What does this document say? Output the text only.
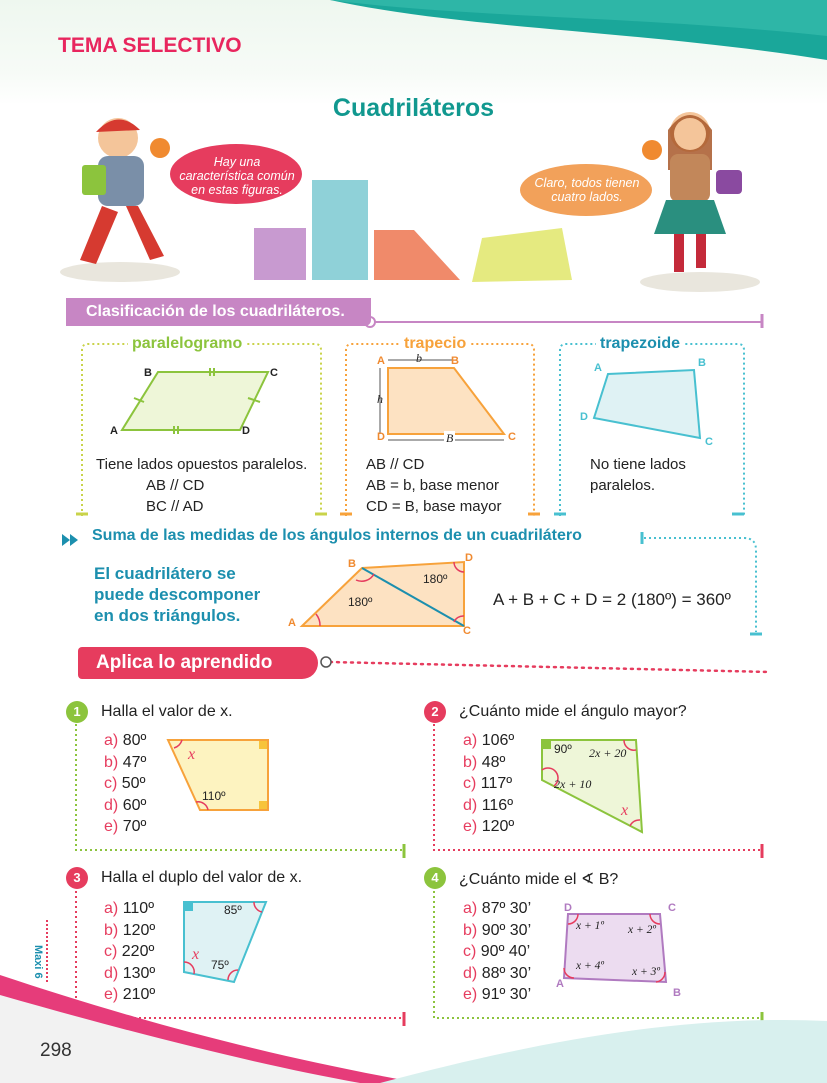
TEMA SELECTIVO
Cuadriláteros
Hay una característica común en estas figuras.	Claro, todos tienen cuatro lados.
Clasificación de los cuadriláteros.
paralelogramo	trapecio	trapezoide
A
B	C
D
Tiene lados opuestos paralelos.
AB // CD
BC // AD
A	B
C
D
b
h
B
AB // CD
AB = b, base menor
CD = B, base mayor
A	B
C
D
No tiene lados
paralelos.
Suma de las medidas de los ángulos internos de un cuadrilátero
El cuadrilátero se
puede descomponer
en dos triángulos.	A
B
C
D
180º
180º	A + B + C + D = 2 (180º) = 360º
Aplica lo aprendido
1	Halla el valor de x.
a) 80º
b) 47º
c) 50º
d) 60º
e) 70º
x
110º
2	¿Cuánto mide el ángulo mayor?
a) 106º
b) 48º
c) 117º
d) 116º
e) 120º
90º 2x + 20
2x + 10
x
3	Halla el duplo del valor de x.
a) 110º
b) 120º
c) 220º
d) 130º
e) 210º
85º
x
75º
4	¿Cuánto mide el ∢ B?
a) 87º 30’
b) 90º 30’
c) 90º 40’
d) 88º 30’
e) 91º 30’
D	C
A
B
x + 1º x + 2º
x + 4º x + 3º
Maxi 6
298
